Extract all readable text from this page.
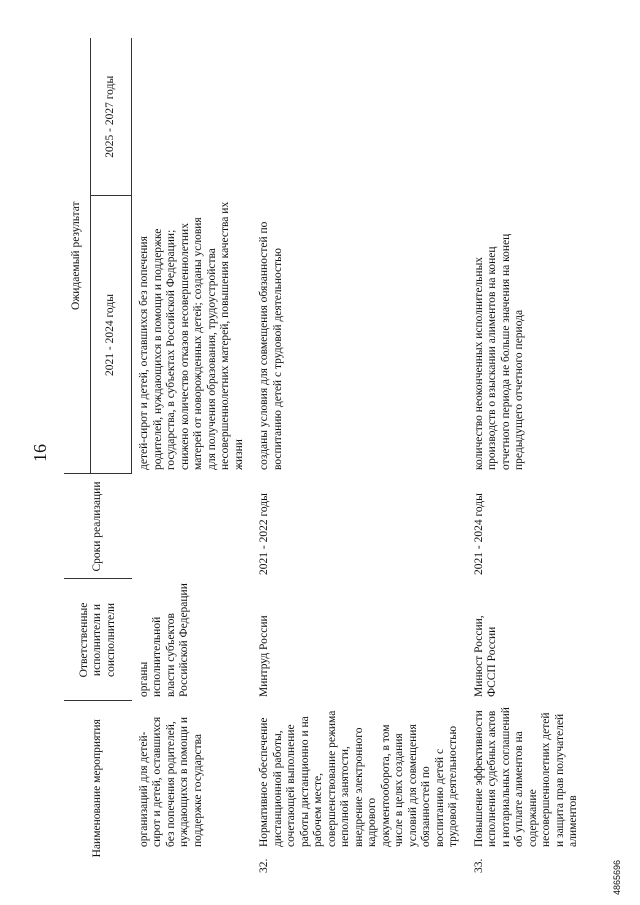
16
Наименование мероприятия		Ответственные исполнители и соисполнители	Сроки реализации	Ожидаемый результат	
				2021 - 2024 годы	2025 - 2027 годы
	организаций для детей-сирот и детей, оставшихся без попечения родителей, нуждающихся в помощи и поддержке государства	органы исполнительной власти субъектов Российской Федерации		детей-сирот и детей, оставшихся без попечения родителей, нуждающихся в помощи и поддержке государства, в субъектах Российской Федерации; снижено количество отказов несовершеннолетних матерей от новорожденных детей; созданы условия для получения образования, трудоустройства несовершеннолетних матерей, повышения качества их жизни	
32.	Нормативное обеспечение дистанционной работы, сочетающей выполнение работы дистанционно и на рабочем месте, совершенствование режима неполной занятости, внедрение электронного кадрового документооборота, в том числе в целях создания условий для совмещения обязанностей по воспитанию детей с трудовой деятельностью	Минтруд России	2021 - 2022 годы	созданы условия для совмещения обязанностей по воспитанию детей с трудовой деятельностью	
33.	Повышение эффективности исполнения судебных актов и нотариальных соглашений об уплате алиментов на содержание несовершеннолетних детей и защита прав получателей алиментов	Минюст России, ФССП России	2021 - 2024 годы	количество неоконченных исполнительных производств о взыскании алиментов на конец отчетного периода не больше значения на конец предыдущего отчетного периода	
4865696
